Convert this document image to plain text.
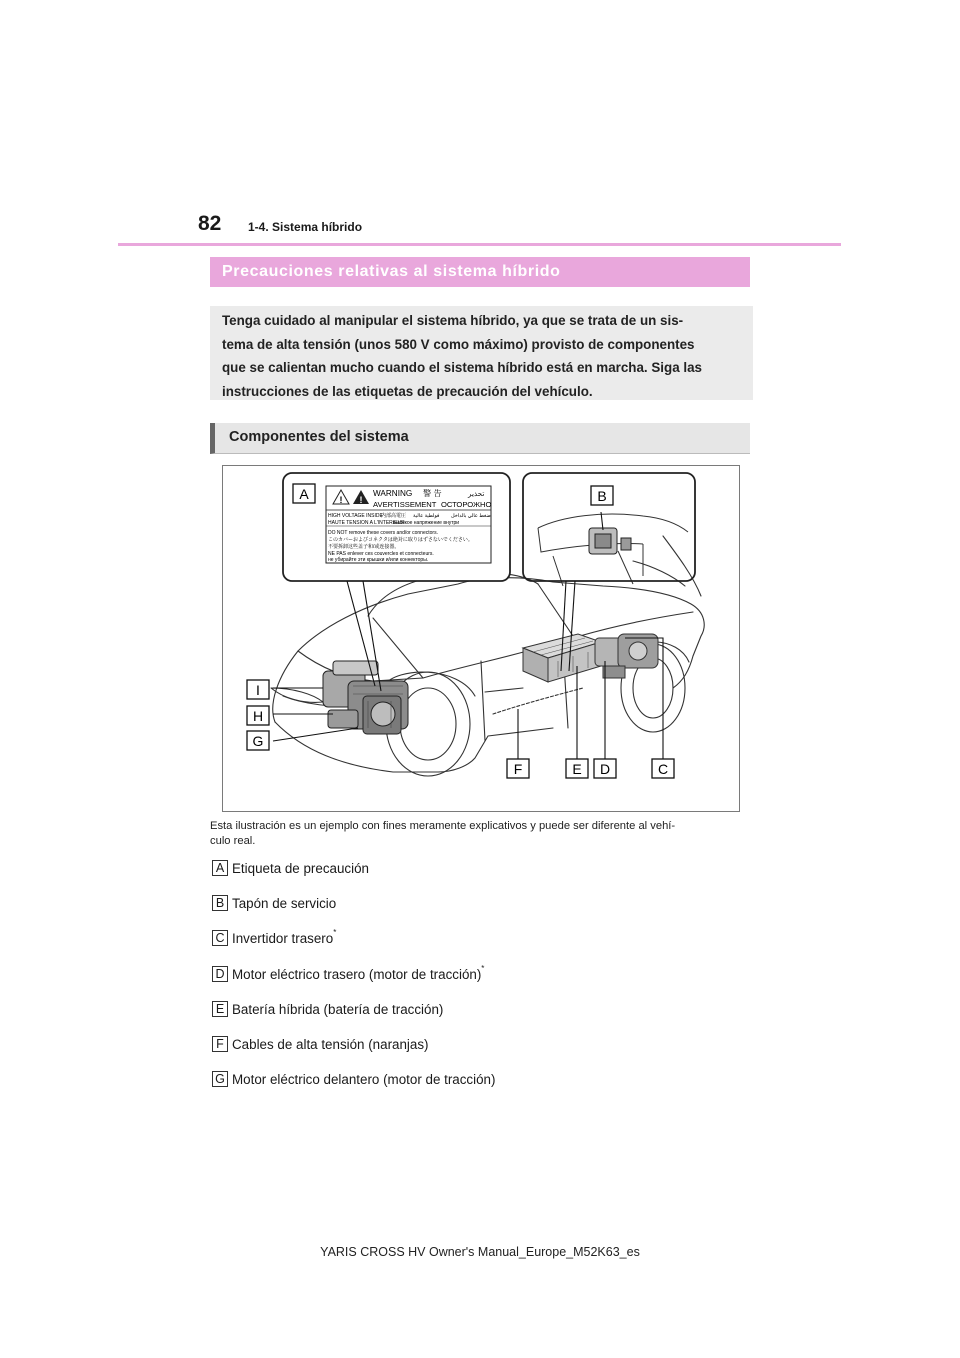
82 1-4. Sistema híbrido
Precauciones relativas al sistema híbrido
Tenga cuidado al manipular el sistema híbrido, ya que se trata de un sis-
tema de alta tensión (unos 580 V como máximo) provisto de componentes
que se calientan mucho cuando el sistema híbrido está en marcha. Siga las
instrucciones de las etiquetas de precaución del vehículo.
Componentes del sistema
! !
WARNING 警 告	تحذير
AVERTISSEMENT ОСТОРОЖНО
HIGH VOLTAGE INSIDE
内部高電圧 فولطية عالية
HAUTE TENSION A L'INTERIEUR
высокое напряжение внутри
ضغط عالي بالداخل
DO NOT remove these covers and/or connectors.
このカバーおよびコネクタは絶対に取りはずさないでください。
不要拆卸这些盖子和/或连接器。
NE PAS enlever ces couvercles et connecteurs.
не убирайте эти крышки и/или коннекторы.
A	B
C
D
E
F
G
H
I
Esta ilustración es un ejemplo con fines meramente explicativos y puede ser diferente al vehí-
culo real.
A Etiqueta de precaución
B Tapón de servicio
C Invertidor trasero*
D Motor eléctrico trasero (motor de tracción)*
E Batería híbrida (batería de tracción)
F Cables de alta tensión (naranjas)
G Motor eléctrico delantero (motor de tracción)
YARIS CROSS HV Owner's Manual_Europe_M52K63_es
